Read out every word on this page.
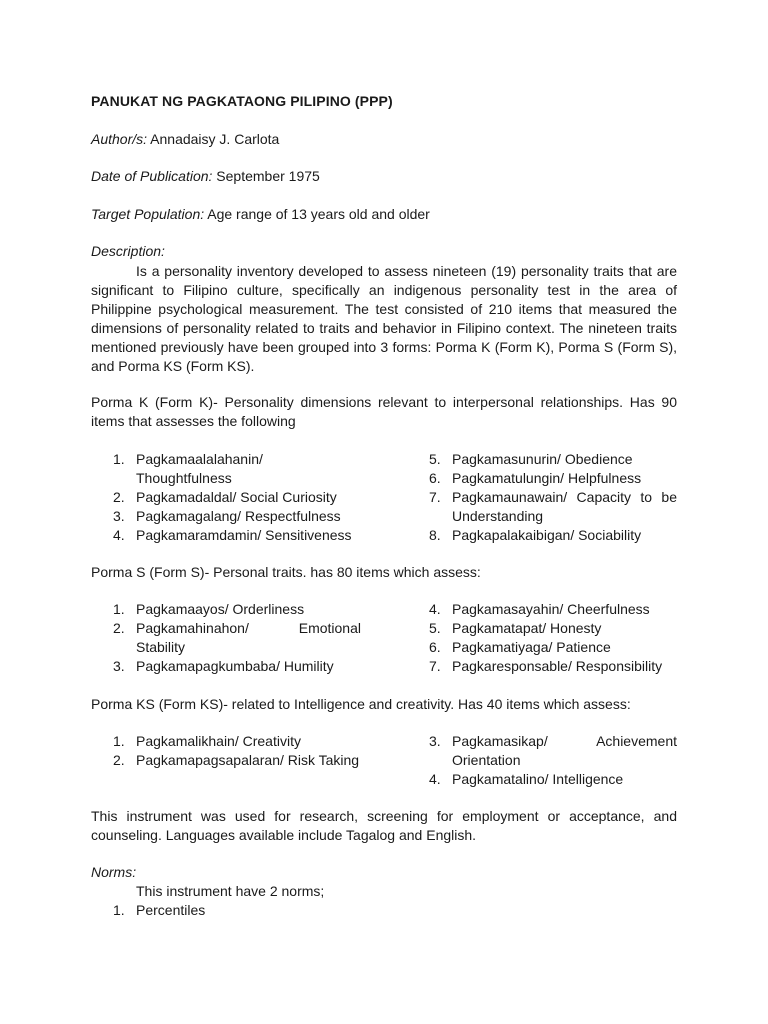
PANUKAT NG PAGKATAONG PILIPINO (PPP)

Author/s: Annadaisy J. Carlota

Date of Publication: September 1975

Target Population: Age range of 13 years old and older

Description:

Is a personality inventory developed to assess nineteen (19) personality traits that are significant to Filipino culture, specifically an indigenous personality test in the area of Philippine psychological measurement. The test consisted of 210 items that measured the dimensions of personality related to traits and behavior in Filipino context. The nineteen traits mentioned previously have been grouped into 3 forms: Porma K (Form K), Porma S (Form S), and Porma KS (Form KS).

Porma K (Form K)- Personality dimensions relevant to interpersonal relationships. Has 90 items that assesses the following

1. Pagkamaalalahanin/ Thoughtfulness
2. Pagkamadaldal/ Social Curiosity
3. Pagkamagalang/ Respectfulness
4. Pagkamaramdamin/ Sensitiveness
5. Pagkamasunurin/ Obedience
6. Pagkamatulungin/ Helpfulness
7. Pagkamaunawain/ Capacity to be Understanding
8. Pagkapalakaibigan/ Sociability

Porma S (Form S)- Personal traits. has 80 items which assess:

1. Pagkamaayos/ Orderliness
2. Pagkamahinahon/ Emotional Stability
3. Pagkamapagkumbaba/ Humility
4. Pagkamasayahin/ Cheerfulness
5. Pagkamatapat/ Honesty
6. Pagkamatiyaga/ Patience
7. Pagkaresponsable/ Responsibility

Porma KS (Form KS)- related to Intelligence and creativity. Has 40 items which assess:

1. Pagkamalikhain/ Creativity
2. Pagkamapagsapalaran/ Risk Taking
3. Pagkamasikap/ Achievement Orientation
4. Pagkamatalino/ Intelligence

This instrument was used for research, screening for employment or acceptance, and counseling. Languages available include Tagalog and English.

Norms:

This instrument have 2 norms;

1. Percentiles
